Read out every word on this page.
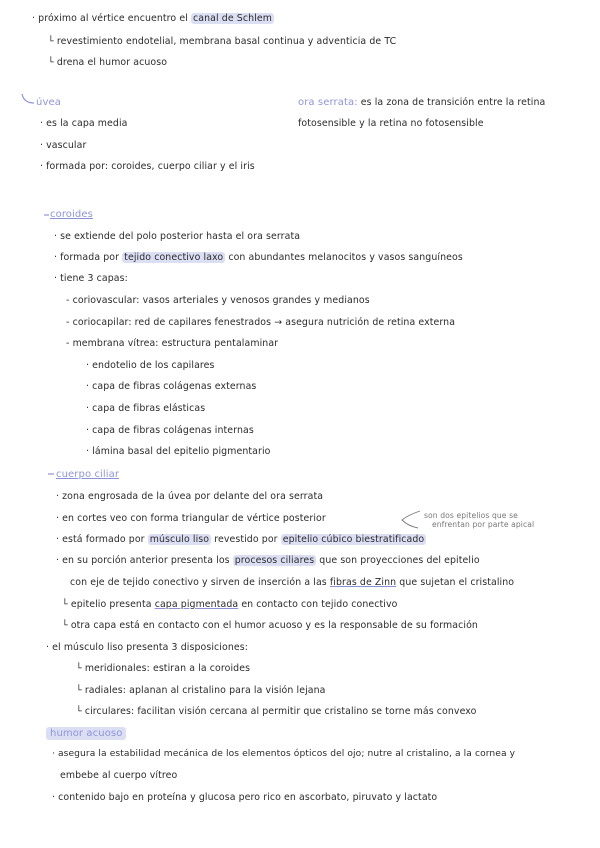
· próximo al vértice encuentro el canal de Schlem
└ revestimiento endotelial, membrana basal continua y adventicia de TC
└ drena el humor acuoso
úvea	ora serrata: es la zona de transición entre la retina
fotosensible y la retina no fotosensible
· es la capa media
· vascular
· formada por: coroides, cuerpo ciliar y el iris
coroides
· se extiende del polo posterior hasta el ora serrata
· formada por tejido conectivo laxo con abundantes melanocitos y vasos sanguíneos
· tiene 3 capas:
- coriovascular: vasos arteriales y venosos grandes y medianos
- coriocapilar: red de capilares fenestrados → asegura nutrición de retina externa
- membrana vítrea: estructura pentalaminar
· endotelio de los capilares
· capa de fibras colágenas externas
· capa de fibras elásticas
· capa de fibras colágenas internas
· lámina basal del epitelio pigmentario
cuerpo ciliar
· zona engrosada de la úvea por delante del ora serrata
· en cortes veo con forma triangular de vértice posterior	son dos epitelios que se
enfrentan por parte apical
· está formado por músculo liso revestido por epitelio cúbico biestratificado
· en su porción anterior presenta los procesos ciliares que son proyecciones del epitelio
con eje de tejido conectivo y sirven de inserción a las fibras de Zinn que sujetan el cristalino
└ epitelio presenta capa pigmentada en contacto con tejido conectivo
└ otra capa está en contacto con el humor acuoso y es la responsable de su formación
· el músculo liso presenta 3 disposiciones:
└ meridionales: estiran a la coroides
└ radiales: aplanan al cristalino para la visión lejana
└ circulares: facilitan visión cercana al permitir que cristalino se torne más convexo
humor acuoso
· asegura la estabilidad mecánica de los elementos ópticos del ojo; nutre al cristalino, a la cornea y
embebe al cuerpo vítreo
· contenido bajo en proteína y glucosa pero rico en ascorbato, piruvato y lactato
